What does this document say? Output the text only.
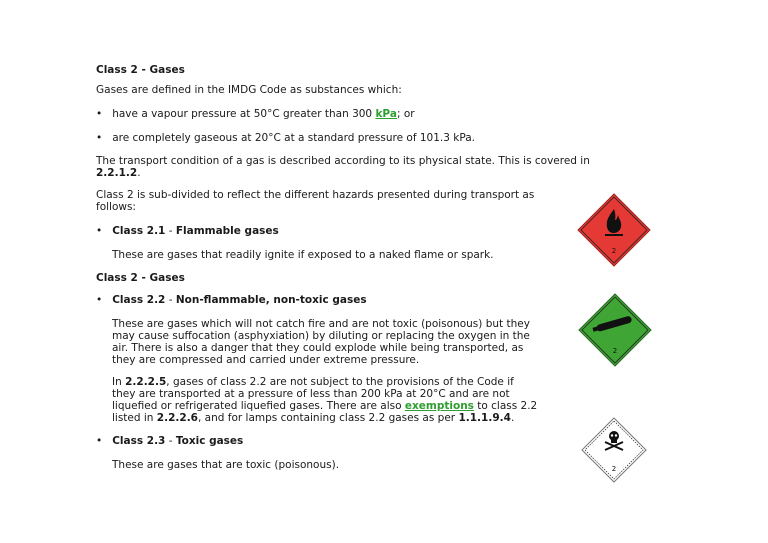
Class 2 - Gases
Gases are defined in the IMDG Code as substances which:
•   have a vapour pressure at 50°C greater than 300 kPa; or
•   are completely gaseous at 20°C at a standard pressure of 101.3 kPa.
The transport condition of a gas is described according to its physical state. This is covered in
2.2.1.2.
Class 2 is sub-divided to reflect the different hazards presented during transport as
follows:
•   Class 2.1 - Flammable gases
These are gases that readily ignite if exposed to a naked flame or spark.
Class 2 - Gases
•   Class 2.2 - Non-flammable, non-toxic gases
These are gases which will not catch fire and are not toxic (poisonous) but they
may cause suffocation (asphyxiation) by diluting or replacing the oxygen in the
air. There is also a danger that they could explode while being transported, as
they are compressed and carried under extreme pressure.
In 2.2.2.5, gases of class 2.2 are not subject to the provisions of the Code if
they are transported at a pressure of less than 200 kPa at 20°C and are not
liquefied or refrigerated liquefied gases. There are also exemptions to class 2.2
listed in 2.2.2.6, and for lamps containing class 2.2 gases as per 1.1.1.9.4.
•   Class 2.3 - Toxic gases
These are gases that are toxic (poisonous).
2
2
2
